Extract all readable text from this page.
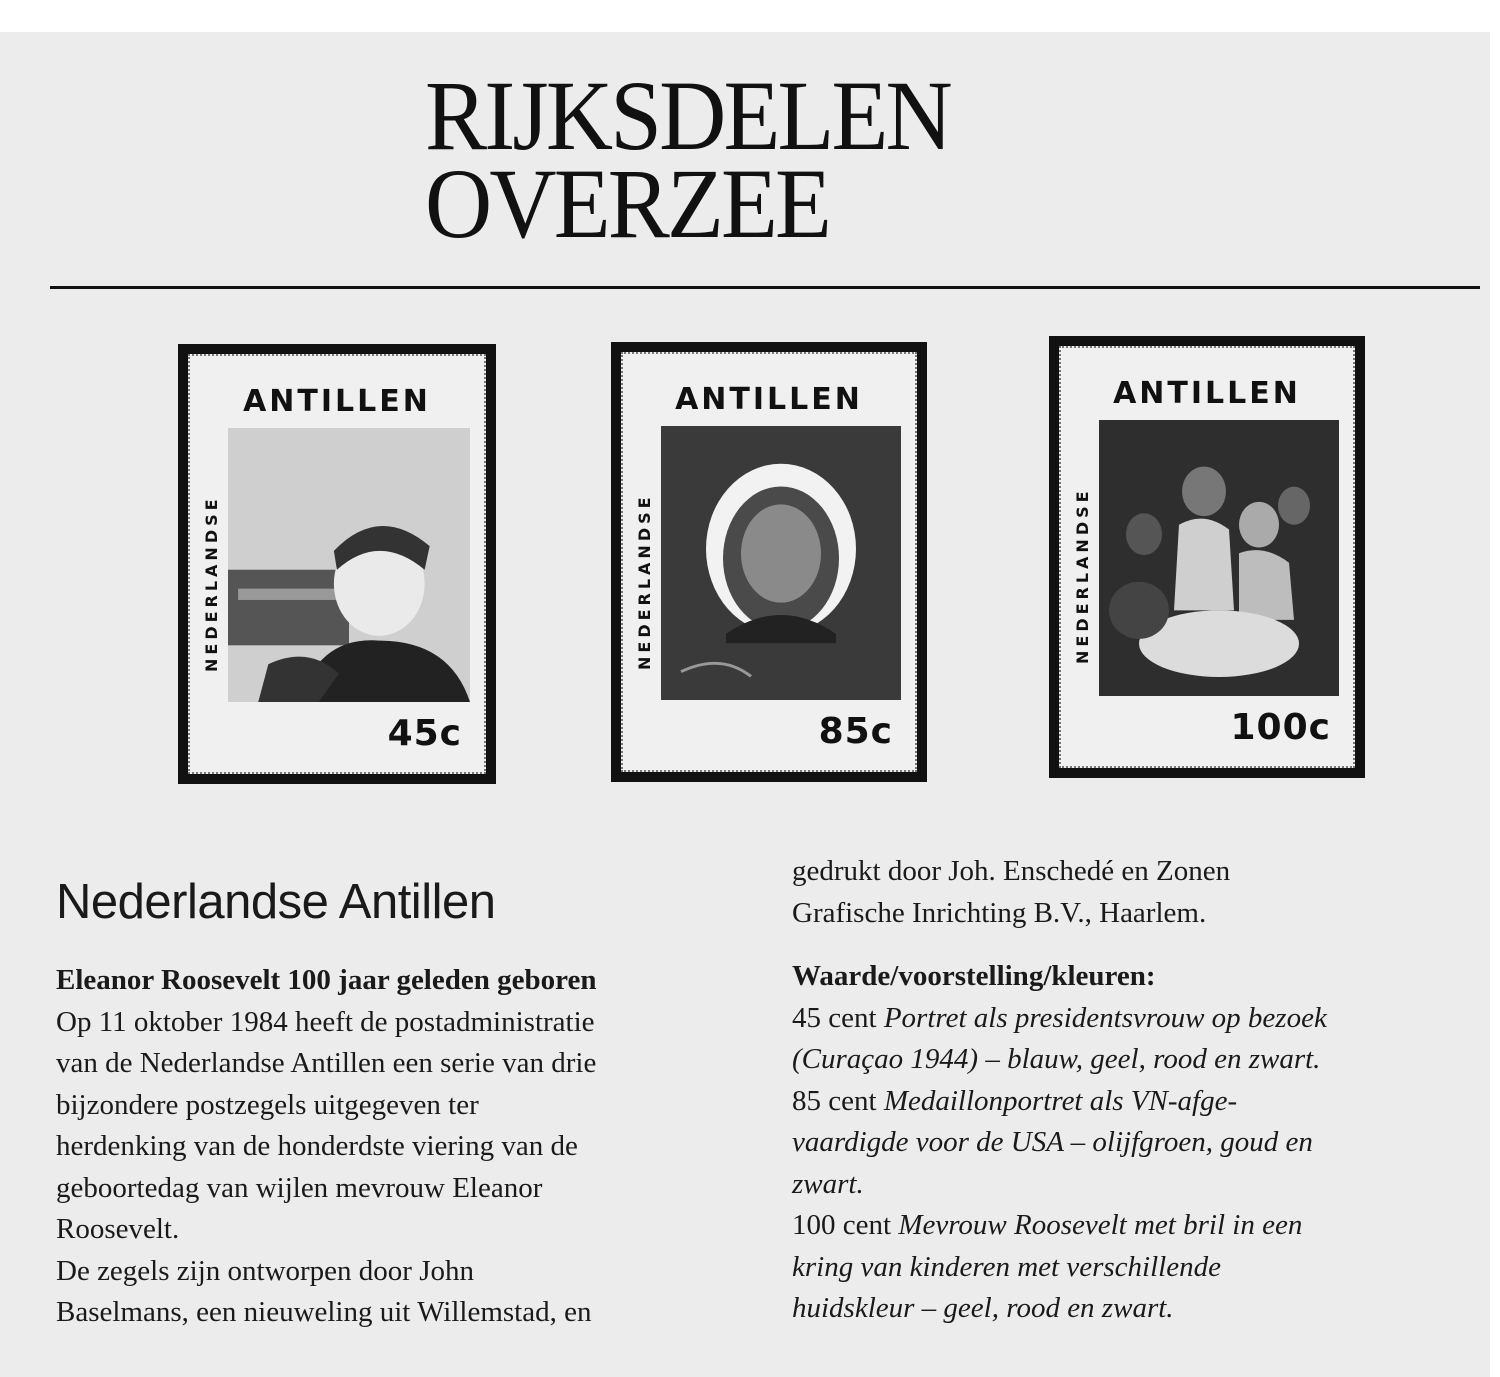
RIJKSDELEN
OVERZEE
ANTILLEN
NEDERLANDSE
45c
ANTILLEN
NEDERLANDSE
85c
ANTILLEN
NEDERLANDSE
100c
Nederlandse Antillen
Eleanor Roosevelt 100 jaar geleden geboren
Op 11 oktober 1984 heeft de postadministratie
van de Nederlandse Antillen een serie van drie
bijzondere postzegels uitgegeven ter
herdenking van de honderdste viering van de
geboortedag van wijlen mevrouw Eleanor
Roosevelt.
De zegels zijn ontworpen door John
Baselmans, een nieuweling uit Willemstad, en
gedrukt door Joh. Enschedé en Zonen
Grafische Inrichting B.V., Haarlem.
Waarde/voorstelling/kleuren:
45 cent Portret als presidentsvrouw op bezoek
(Curaçao 1944) – blauw, geel, rood en zwart.
85 cent Medaillonportret als VN-afge-
vaardigde voor de USA – olijfgroen, goud en
zwart.
100 cent Mevrouw Roosevelt met bril in een
kring van kinderen met verschillende
huidskleur – geel, rood en zwart.
